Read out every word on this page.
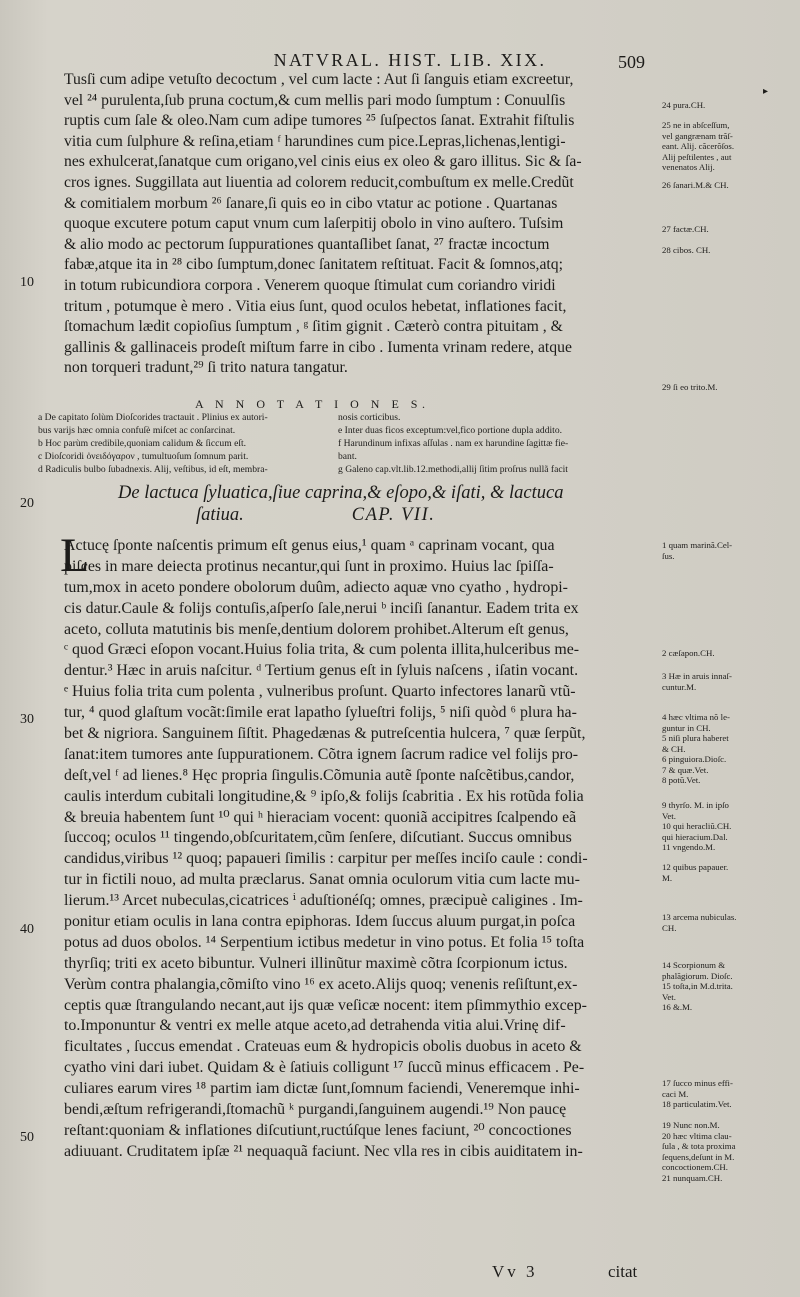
NATVRAL. HIST. LIB. XIX.	509
▸
Tusſi cum adipe vetuſto decoctum , vel cum lacte : Aut ſi ſanguis etiam excreetur,
vel ²⁴ purulenta,ſub pruna coctum,& cum mellis pari modo ſumptum : Conuulſis
ruptis cum ſale & oleo.Nam cum adipe tumores ²⁵ ſuſpectos ſanat. Extrahit fiſtulis
vitia cum ſulphure & reſina,etiam ᶠ harundines cum pice.Lepras,lichenas,lentigi-
nes exhulcerat,ſanatque cum origano,vel cinis eius ex oleo & garo illitus. Sic & ſa-
cros ignes. Suggillata aut liuentia ad colorem reducit,combuſtum ex melle.Credũt
& comitialem morbum ²⁶ ſanare,ſi quis eo in cibo vtatur ac potione . Quartanas
quoque excutere potum caput vnum cum laſerpitij obolo in vino auſtero. Tuſsim
& alio modo ac pectorum ſuppurationes quantaſlibet ſanat, ²⁷ fractæ incoctum
fabæ,atque ita in ²⁸ cibo ſumptum,donec ſanitatem reſtituat. Facit & ſomnos,atq;
in totum rubicundiora corpora . Venerem quoque ſtimulat cum coriandro viridi
tritum , potumque è mero . Vitia eius ſunt, quod oculos hebetat, inflationes facit,
ſtomachum lædit copioſius ſumptum , ᵍ ſitim gignit . Cæterò contra pituitam , &
gallinis & gallinaceis prodeſt miſtum farre in cibo . Iumenta vrinam redere, atque
non torqueri tradunt,²⁹ ſi trito natura tangatur.
A N N O T A T I O N E S.
a De capitato ſolùm Dioſcorides tractauit . Plinius ex autori-
bus varijs hæc omnia confuſè miſcet ac conſarcinat.
b Hoc parùm credibile,quoniam calidum & ſiccum eſt.
c Dioſcoridi ὀνειδόγαρον , tumultuoſum ſomnum parit.
d Radiculis bulbo ſubadnexis. Alij, veſtibus, id eſt, membra-
nosis corticibus.
e Inter duas ficos exceptum:vel,fico portione dupla addito.
f Harundinum infixas aſſulas . nam ex harundine ſagittæ fie-
bant.
g Galeno cap.vlt.lib.12.methodi,allij ſitim proſrus nullã facit
De lactuca ſyluatica,ſiue caprina,& eſopo,& iſati, & lactuca
ſatiua.	CAP. VII.
L
Actucę ſponte naſcentis primum eſt genus eius,¹ quam ᵃ caprinam vocant, qua
piſces in mare deiecta protinus necantur,qui ſunt in proximo. Huius lac ſpiſſa-
tum,mox in aceto pondere obolorum duûm, adiecto aquæ vno cyatho , hydropi-
cis datur.Caule & folijs contuſis,aſperſo ſale,nerui ᵇ inciſi ſanantur. Eadem trita ex
aceto, colluta matutinis bis menſe,dentium dolorem prohibet.Alterum eſt genus,
ᶜ quod Græci eſopon vocant.Huius folia trita, & cum polenta illita,hulceribus me-
dentur.³ Hæc in aruis naſcitur. ᵈ Tertium genus eſt in ſyluis naſcens , iſatin vocant.
ᵉ Huius folia trita cum polenta , vulneribus proſunt. Quarto infectores lanarũ vtũ-
tur, ⁴ quod glaſtum vocãt:ſimile erat lapatho ſylueſtri folijs, ⁵ niſi quòd ⁶ plura ha-
bet & nigriora. Sanguinem ſiſtit. Phagedænas & putreſcentia hulcera, ⁷ quæ ſerpũt,
ſanat:item tumores ante ſuppurationem. Cõtra ignem ſacrum radice vel folijs pro-
deſt,vel ᶠ ad lienes.⁸ Hęc propria ſingulis.Cõmunia autẽ ſponte naſcẽtibus,candor,
caulis interdum cubitali longitudine,& ⁹ ipſo,& folijs ſcabritia . Ex his rotũda folia
& breuia habentem ſunt ¹⁰ qui ʰ hieraciam vocent: quoniã accipitres ſcalpendo eã
ſuccoq; oculos ¹¹ tingendo,obſcuritatem,cũm ſenſere, diſcutiant. Succus omnibus
candidus,viribus ¹² quoq; papaueri ſimilis : carpitur per meſſes inciſo caule : condi-
tur in fictili nouo, ad multa præclarus. Sanat omnia oculorum vitia cum lacte mu-
lierum.¹³ Arcet nubeculas,cicatrices ⁱ aduſtionéſq; omnes, præcipuè caligines . Im-
ponitur etiam oculis in lana contra epiphoras. Idem ſuccus aluum purgat,in poſca
potus ad duos obolos. ¹⁴ Serpentium ictibus medetur in vino potus. Et folia ¹⁵ toſta
thyrſiq; triti ex aceto bibuntur. Vulneri illinũtur maximè cõtra ſcorpionum ictus.
Verùm contra phalangia,cõmiſto vino ¹⁶ ex aceto.Alijs quoq; venenis reſiſtunt,ex-
ceptis quæ ſtrangulando necant,aut ijs quæ veſicæ nocent: item pſimmythio excep-
to.Imponuntur & ventri ex melle atque aceto,ad detrahenda vitia alui.Vrinę dif-
ficultates , ſuccus emendat . Crateuas eum & hydropicis obolis duobus in aceto &
cyatho vini dari iubet. Quidam & è ſatiuis colligunt ¹⁷ ſuccũ minus efficacem . Pe-
culiares earum vires ¹⁸ partim iam dictæ ſunt,ſomnum faciendi, Veneremque inhi-
bendi,æſtum refrigerandi,ſtomachũ ᵏ purgandi,ſanguinem augendi.¹⁹ Non paucę
reſtant:quoniam & inflationes diſcutiunt,ructúſque lenes faciunt, ²⁰ concoctiones
adiuuant. Cruditatem ipſæ ²¹ nequaquã faciunt. Nec vlla res in cibis auiditatem in-
10
20
30
40
50
24 pura.CH.
25 ne in abſceſſum,
vel gangrænam trãſ-
eant. Alij. cãcerõſos.
Alij peſtilentes , aut
venenatos Alij.
26 ſanari.M.& CH.
27 factæ.CH.
28 cibos. CH.
29 ſi eo trito.M.
1 quam marinã.Cel-
ſus.
2 cæſapon.CH.
3 Hæ in aruis innaſ-
cuntur.M.
4 hæc vltima nõ le-
guntur in CH.
5 niſi plura haberet
& CH.
6 pinguiora.Dioſc.
7 & quæ.Vet.
8 potũ.Vet.
9 thyrſo. M. in ipſo
Vet.
10 qui heracliũ.CH.
qui hieracium.Dal.
11 vngendo.M.
12 quibus papauer.
M.
13 arcema nubiculas.
CH.
14 Scorpionum &
phalãgiorum. Dioſc.
15 toſta,in M.d.trita.
Vet.
16 &.M.
17 ſucco minus effi-
caci M.
18 particulatim.Vet.
19 Nunc non.M.
20 hæc vltima clau-
ſula , & tota proxima
ſequens,deſunt in M.
concoctionem.CH.
21 nunquam.CH.
Vv 3	citat
